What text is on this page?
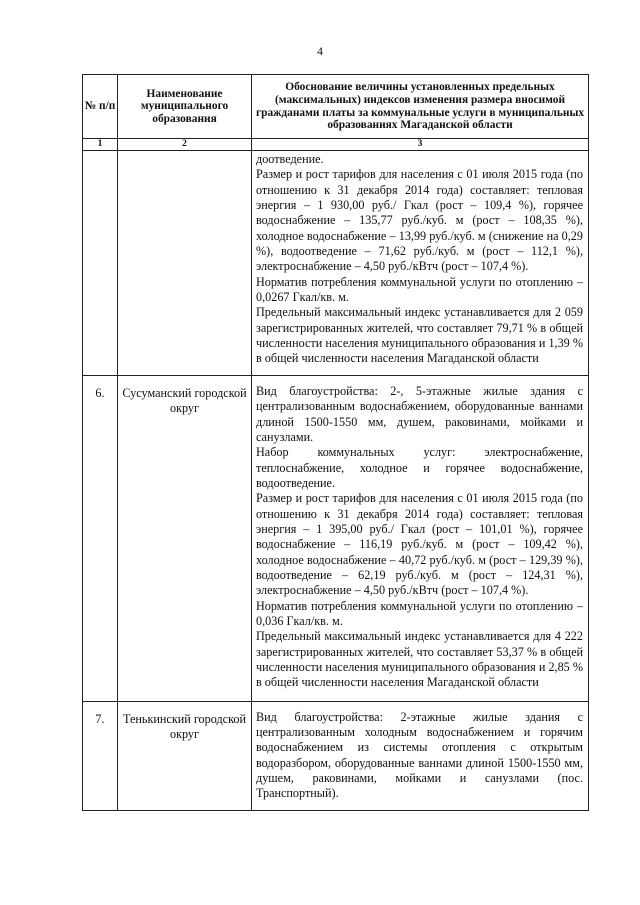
4
№ п/п	Наименование муниципального образования	Обоснование величины установленных предельных (максимальных) индексов изменения размера вносимой гражданами платы за коммунальные услуги в муниципальных образованиях Магаданской области
1	2	3

		доотведение.

Размер и рост тарифов для населения с 01 июля 2015 года (по отношению к 31 декабря 2014 года) составляет: тепловая энергия – 1 930,00 руб./ Гкал (рост – 109,4 %), горячее водоснабжение – 135,77 руб./куб. м (рост – 108,35 %), холодное водоснабжение – 13,99 руб./куб. м (снижение на 0,29 %), водоотведение – 71,62 руб./куб. м (рост – 112,1 %), электроснабжение – 4,50 руб./кВтч (рост – 107,4 %).

Норматив потребления коммунальной услуги по отоплению – 0,0267 Гкал/кв. м.

Предельный максимальный индекс устанавливается для 2 059 зарегистрированных жителей, что составляет 79,71 % в общей численности населения муниципального образования и 1,39 % в общей численности населения Магаданской области

6.	Сусуманский городской округ	Вид благоустройства: 2-, 5-этажные жилые здания с централизованным водоснабжением, оборудованные ваннами длиной 1500-1550 мм, душем, раковинами, мойками и санузлами.

Набор коммунальных услуг: электроснабжение, теплоснабжение, холодное и горячее водоснабжение, водоотведение.

Размер и рост тарифов для населения с 01 июля 2015 года (по отношению к 31 декабря 2014 года) составляет: тепловая энергия – 1 395,00 руб./ Гкал (рост – 101,01 %), горячее водоснабжение – 116,19 руб./куб. м (рост – 109,42 %), холодное водоснабжение – 40,72 руб./куб. м (рост – 129,39 %), водоотведение – 62,19 руб./куб. м (рост – 124,31 %), электроснабжение – 4,50 руб./кВтч (рост – 107,4 %).

Норматив потребления коммунальной услуги по отоплению – 0,036 Гкал/кв. м.

Предельный максимальный индекс устанавливается для 4 222 зарегистрированных жителей, что составляет 53,37 % в общей численности населения муниципального образования и 2,85 % в общей численности населения Магаданской области

7.	Тенькинский городской округ	Вид благоустройства: 2-этажные жилые здания с централизованным холодным водоснабжением и горячим водоснабжением из системы отопления с открытым водоразбором, оборудованные ваннами длиной 1500-1550 мм, душем, раковинами, мойками и санузлами (пос. Транспортный).
